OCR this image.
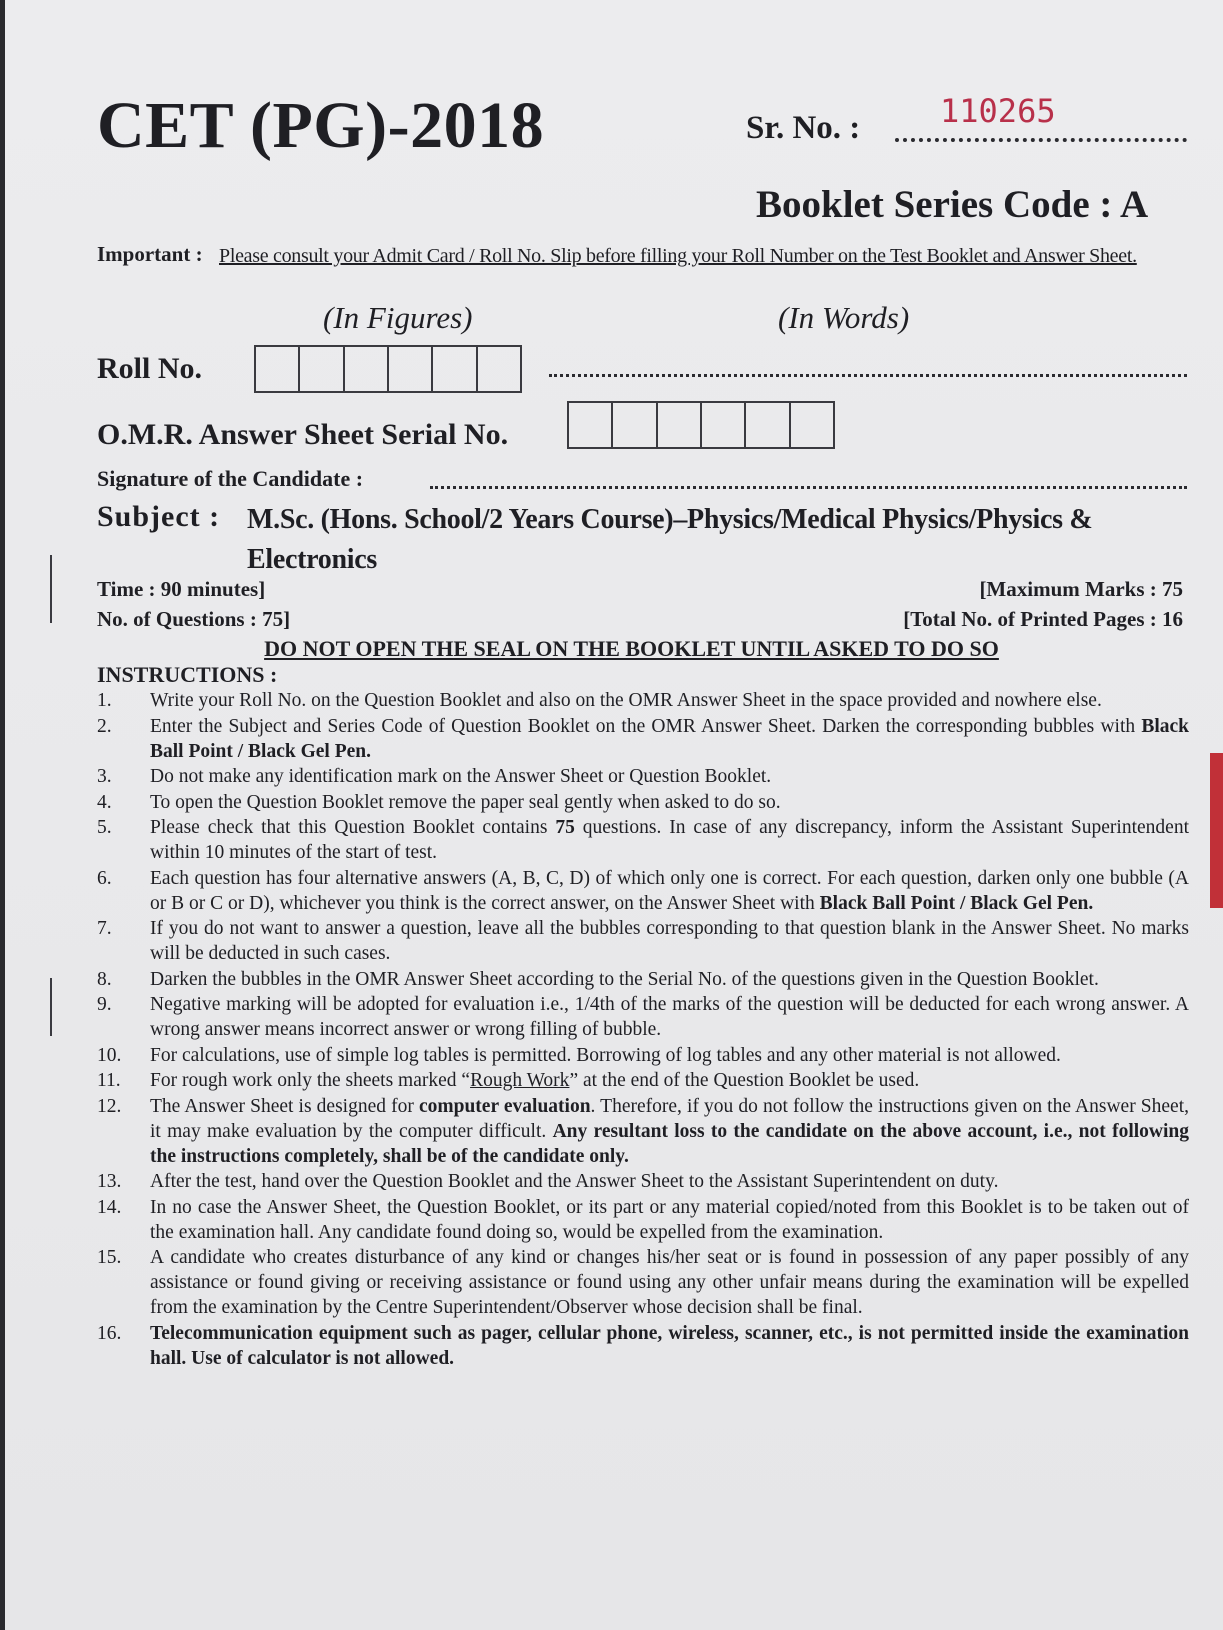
CET (PG)-2018	Sr. No. : 110265
Booklet Series Code : A
Important : Please consult your Admit Card / Roll No. Slip before filling your Roll Number on the Test Booklet and Answer Sheet.
(In Figures)	(In Words)
Roll No.
O.M.R. Answer Sheet Serial No.
Signature of the Candidate :
Subject : M.Sc. (Hons. School/2 Years Course)–Physics/Medical Physics/Physics & Electronics
Time : 90 minutes]
No. of Questions : 75]
[Maximum Marks : 75
[Total No. of Printed Pages : 16
DO NOT OPEN THE SEAL ON THE BOOKLET UNTIL ASKED TO DO SO
INSTRUCTIONS :
1.	Write your Roll No. on the Question Booklet and also on the OMR Answer Sheet in the space provided and nowhere else.
2.	Enter the Subject and Series Code of Question Booklet on the OMR Answer Sheet. Darken the corresponding bubbles with Black Ball Point / Black Gel Pen.
3.	Do not make any identification mark on the Answer Sheet or Question Booklet.
4.	To open the Question Booklet remove the paper seal gently when asked to do so.
5.	Please check that this Question Booklet contains 75 questions. In case of any discrepancy, inform the Assistant Superintendent within 10 minutes of the start of test.
6.	Each question has four alternative answers (A, B, C, D) of which only one is correct. For each question, darken only one bubble (A or B or C or D), whichever you think is the correct answer, on the Answer Sheet with Black Ball Point / Black Gel Pen.
7.	If you do not want to answer a question, leave all the bubbles corresponding to that question blank in the Answer Sheet. No marks will be deducted in such cases.
8.	Darken the bubbles in the OMR Answer Sheet according to the Serial No. of the questions given in the Question Booklet.
9.	Negative marking will be adopted for evaluation i.e., 1/4th of the marks of the question will be deducted for each wrong answer. A wrong answer means incorrect answer or wrong filling of bubble.
10.	For calculations, use of simple log tables is permitted. Borrowing of log tables and any other material is not allowed.
11.	For rough work only the sheets marked “Rough Work” at the end of the Question Booklet be used.
12.	The Answer Sheet is designed for computer evaluation. Therefore, if you do not follow the instructions given on the Answer Sheet, it may make evaluation by the computer difficult. Any resultant loss to the candidate on the above account, i.e., not following the instructions completely, shall be of the candidate only.
13.	After the test, hand over the Question Booklet and the Answer Sheet to the Assistant Superintendent on duty.
14.	In no case the Answer Sheet, the Question Booklet, or its part or any material copied/noted from this Booklet is to be taken out of the examination hall. Any candidate found doing so, would be expelled from the examination.
15.	A candidate who creates disturbance of any kind or changes his/her seat or is found in possession of any paper possibly of any assistance or found giving or receiving assistance or found using any other unfair means during the examination will be expelled from the examination by the Centre Superintendent/Observer whose decision shall be final.
16.	Telecommunication equipment such as pager, cellular phone, wireless, scanner, etc., is not permitted inside the examination hall. Use of calculator is not allowed.
